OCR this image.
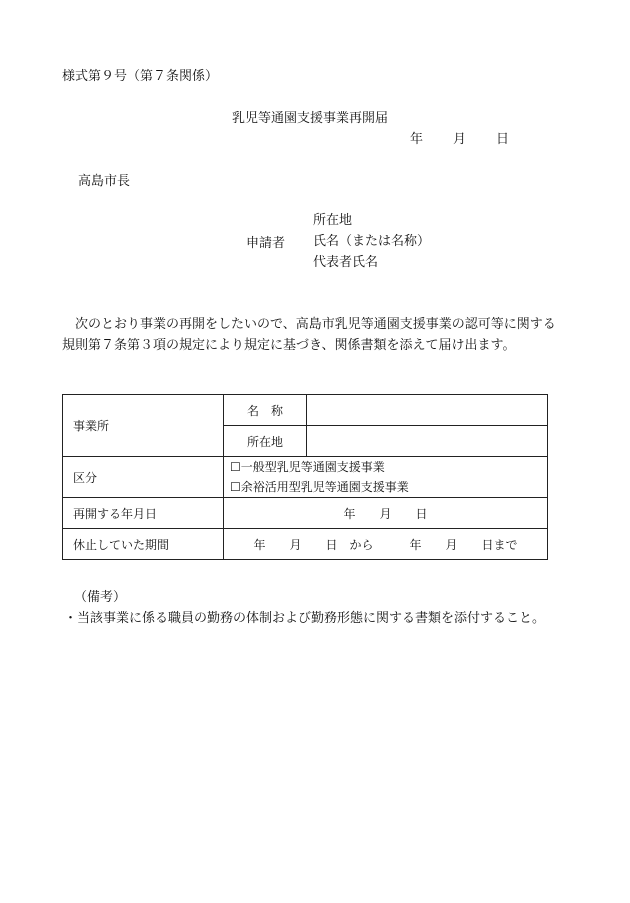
様式第９号（第７条関係）
乳児等通園支援事業再開届
年 月 日
高島市長
申請者
所在地
氏名（または名称）
代表者氏名
次のとおり事業の再開をしたいので、高島市乳児等通園支援事業の認可等に関する規則第７条第３項の規定により規定に基づき、関係書類を添えて届け出ます。
事業所	名　称	
	所在地	
区分	☐一般型乳児等通園支援事業
☐余裕活用型乳児等通園支援事業	

再開する年月日	年　　月　　日	
休止していた期間	年　　月　　日　から　　　年　　月　　日まで	
（備考）
・当該事業に係る職員の勤務の体制および勤務形態に関する書類を添付すること。
